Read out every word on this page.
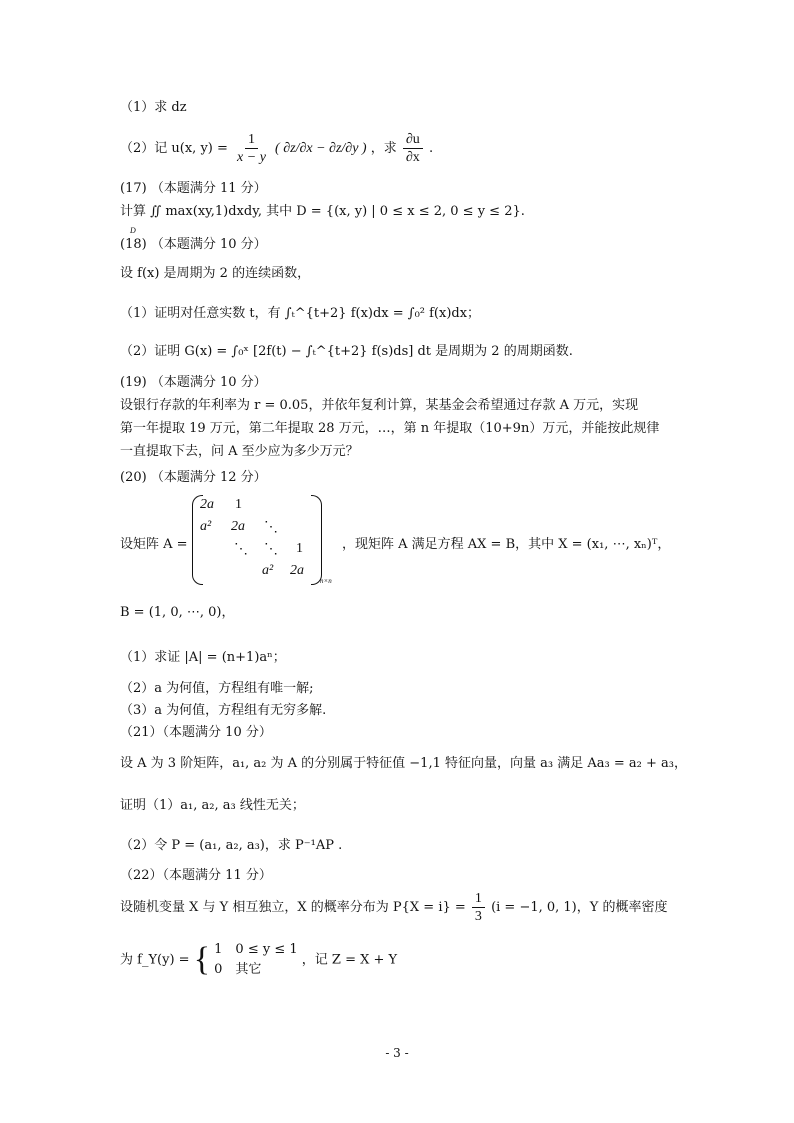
（1）求 dz
（2）记 u(x, $y) = \frac{1}{x - y}$ ( ∂z/∂x − ∂z/∂y ) ，求 $\frac{\partial u}{\partial x}$ .
(17) （本题满分 11 分）
计算 ∬ max(xy,1)dxdy, 其中 D = {(x, y) | 0 ≤ x ≤ 2, 0 ≤ y ≤ 2}.
D
(18) （本题满分 10 分）
设 f(x) 是周期为 2 的连续函数，
（1）证明对任意实数 t，有 ∫ₜ^{t+2} f(x)dx = ∫₀² f(x)dx；
（2）证明 G(x) = ∫₀ˣ [2f(t) − ∫ₜ^{t+2} f(s)ds] dt 是周期为 2 的周期函数.
(19) （本题满分 10 分）
设银行存款的年利率为 r = 0.05，并依年复利计算，某基金会希望通过存款 A 万元，实现
第一年提取 19 万元，第二年提取 28 万元，…，第 n 年提取（10+9n）万元，并能按此规律
一直提取下去，问 A 至少应为多少万元？
(20) （本题满分 12 分）
设矩阵 A =
2a 1
a² 2a ⋱
⋱ ⋱ 1
a² 2a
n×n
，现矩阵 A 满足方程 AX = B，其中 X = (x₁, ⋯, xₙ)ᵀ，
B = (1, 0, ⋯, 0)，
（1）求证 |A| = (n+1)aⁿ；
（2）a 为何值，方程组有唯一解;
（3）a 为何值，方程组有无穷多解.
（21）（本题满分 10 分）
设 A 为 3 阶矩阵，a₁, a₂ 为 A 的分别属于特征值 −1,1 特征向量，向量 a₃ 满足 Aa₃ = a₂ + a₃，
证明（1）a₁, a₂, a₃ 线性无关；
（2）令 P = (a₁, a₂, a₃)，求 P⁻¹AP .
（22）（本题满分 11 分）
设随机变量 X 与 Y 相互独立，X 的概率分布为 $P\{X = i\} = \frac{1}{3} (i = -1$, 0, 1)，Y 的概率密度
为 f_Y(y) = { 1　0 ≤ y ≤ 1
0　其它
，记 Z = X + Y
- 3 -
